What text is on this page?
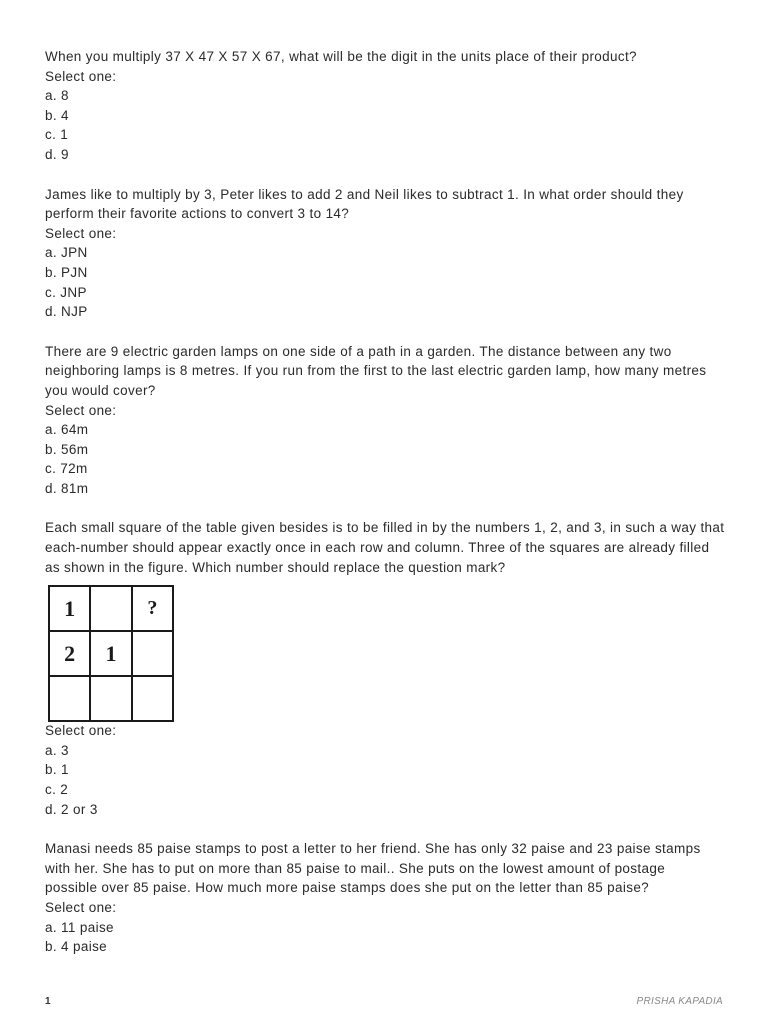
When you multiply 37 X 47 X 57 X 67, what will be the digit in the units place of their product?
Select one:
a. 8
b. 4
c. 1
d. 9
James like to multiply by 3, Peter likes to add 2 and Neil likes to subtract 1. In what order should they
perform their favorite actions to convert 3 to 14?
Select one:
a. JPN
b. PJN
c. JNP
d. NJP
There are 9 electric garden lamps on one side of a path in a garden. The distance between any two
neighboring lamps is 8 metres. If you run from the first to the last electric garden lamp, how many metres
you would cover?
Select one:
a. 64m
b. 56m
c. 72m
d. 81m
Each small square of the table given besides is to be filled in by the numbers 1, 2, and 3, in such a way that
each-number should appear exactly once in each row and column. Three of the squares are already filled
as shown in the figure. Which number should replace the question mark?
1		?
2	1	

Select one:
a. 3
b. 1
c. 2
d. 2 or 3
Manasi needs 85 paise stamps to post a letter to her friend. She has only 32 paise and 23 paise stamps
with her. She has to put on more than 85 paise to mail.. She puts on the lowest amount of postage
possible over 85 paise. How much more paise stamps does she put on the letter than 85 paise?
Select one:
a. 11 paise
b. 4 paise
1	PRISHA KAPADIA
